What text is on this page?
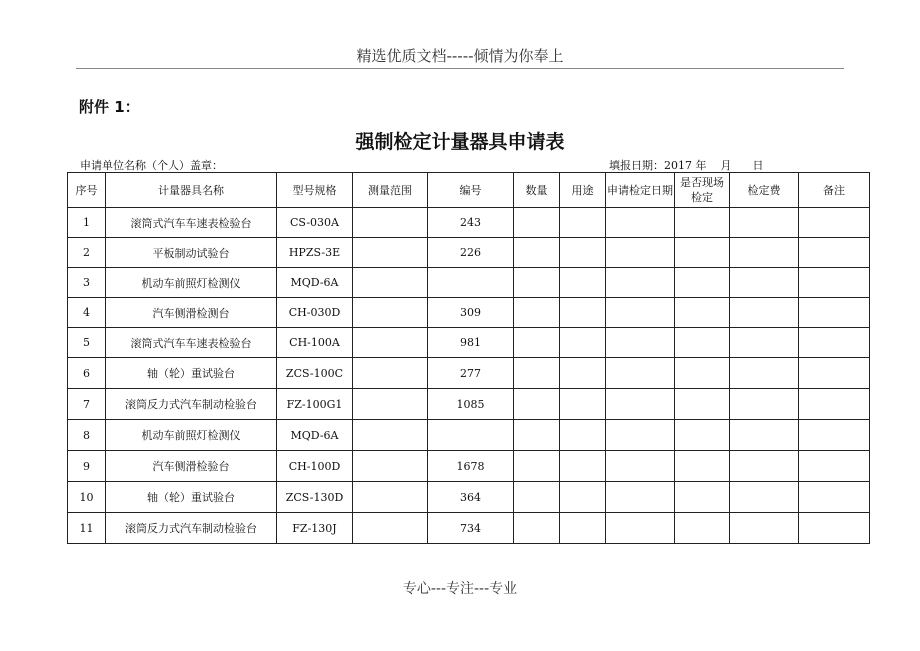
精选优质文档-----倾情为你奉上
附件 1：
强制检定计量器具申请表
申请单位名称（个人）盖章：	填报日期：2017 年 月 日
序号	计量器具名称	型号规格	测量范围	编号	数量	用途	申请检定日期	是否现场检定	检定费	备注
1	滚筒式汽车车速表检验台	CS-030A		243						
2	平板制动试验台	HPZS-3E		226						
3	机动车前照灯检测仪	MQD-6A								
4	汽车侧滑检测台	CH-030D		309						
5	滚筒式汽车车速表检验台	CH-100A		981						
6	轴（轮）重试验台	ZCS-100C		277						
7	滚筒反力式汽车制动检验台	FZ-100G1		1085						
8	机动车前照灯检测仪	MQD-6A								
9	汽车侧滑检验台	CH-100D		1678						
10	轴（轮）重试验台	ZCS-130D		364						
11	滚筒反力式汽车制动检验台	FZ-130J		734						
专心---专注---专业
